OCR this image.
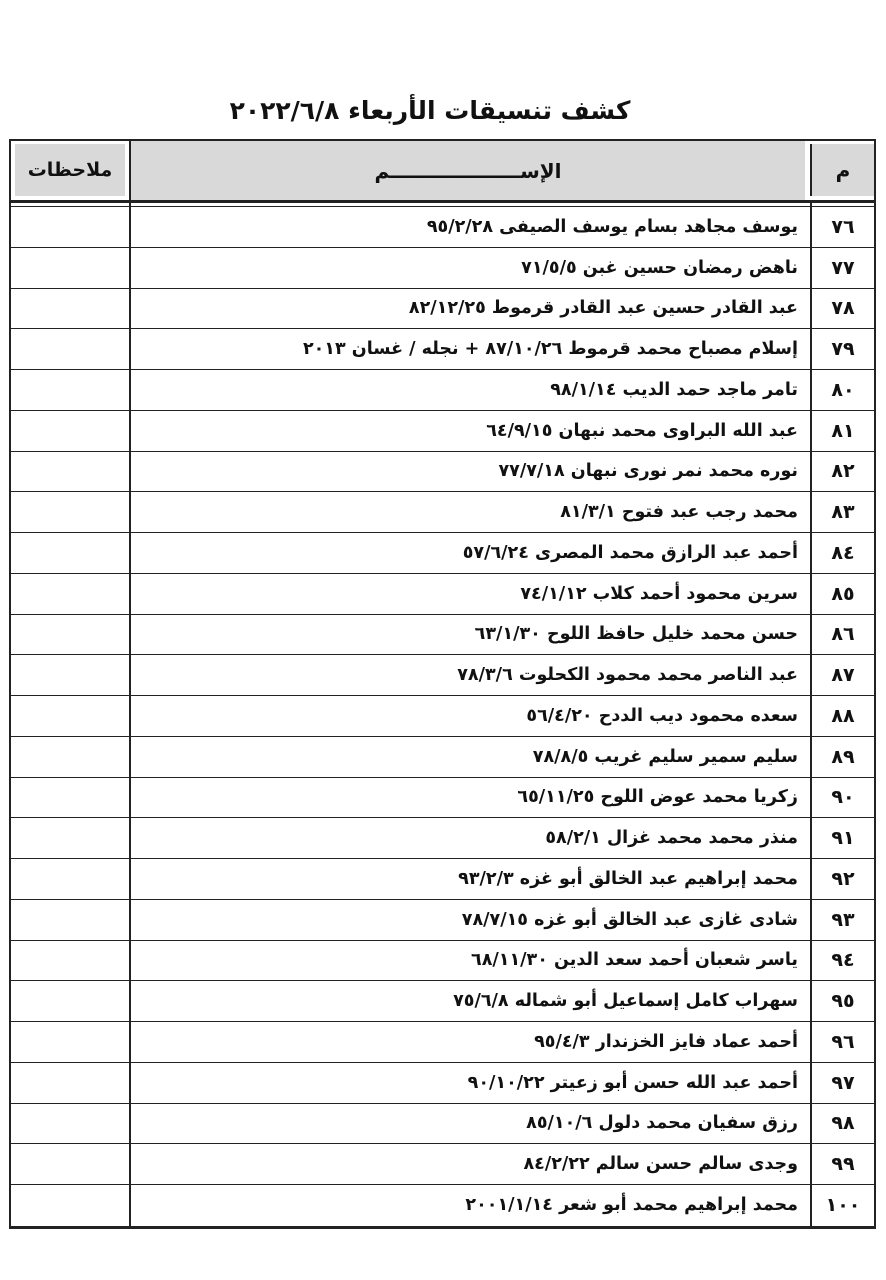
كشف تنسيقات الأربعاء ٢٠٢٢/٦/٨
م
الإســـــــــــــــــــم
ملاحظات
٧٦
يوسف مجاهد بسام يوسف الصيفى ٩٥/٢/٢٨
٧٧
ناهض رمضان حسين غبن ٧١/٥/٥
٧٨
عبد القادر حسين عبد القادر قرموط ٨٢/١٢/٢٥
٧٩
إسلام مصباح محمد قرموط ٨٧/١٠/٢٦ + نجله / غسان ٢٠١٣
٨٠
تامر ماجد حمد الديب ٩٨/١/١٤
٨١
عبد الله البراوى محمد نبهان ٦٤/٩/١٥
٨٢
نوره محمد نمر نورى نبهان ٧٧/٧/١٨
٨٣
محمد رجب عبد فتوح ٨١/٣/١
٨٤
أحمد عبد الرازق محمد المصرى ٥٧/٦/٢٤
٨٥
سرين محمود أحمد كلاب ٧٤/١/١٢
٨٦
حسن محمد خليل حافظ اللوح ٦٣/١/٣٠
٨٧
عبد الناصر محمد محمود الكحلوت ٧٨/٣/٦
٨٨
سعده محمود ديب الددح ٥٦/٤/٢٠
٨٩
سليم سمير سليم غريب ٧٨/٨/٥
٩٠
زكريا محمد عوض اللوح ٦٥/١١/٢٥
٩١
منذر محمد محمد غزال ٥٨/٢/١
٩٢
محمد إبراهيم عبد الخالق أبو غزه ٩٣/٢/٣
٩٣
شادى غازى عبد الخالق أبو غزه ٧٨/٧/١٥
٩٤
ياسر شعبان أحمد سعد الدين ٦٨/١١/٣٠
٩٥
سهراب كامل إسماعيل أبو شماله ٧٥/٦/٨
٩٦
أحمد عماد فايز الخزندار ٩٥/٤/٣
٩٧
أحمد عبد الله حسن أبو زعيتر ٩٠/١٠/٢٢
٩٨
رزق سفيان محمد دلول ٨٥/١٠/٦
٩٩
وجدى سالم حسن سالم ٨٤/٢/٢٢
١٠٠
محمد إبراهيم محمد أبو شعر ٢٠٠١/١/١٤
